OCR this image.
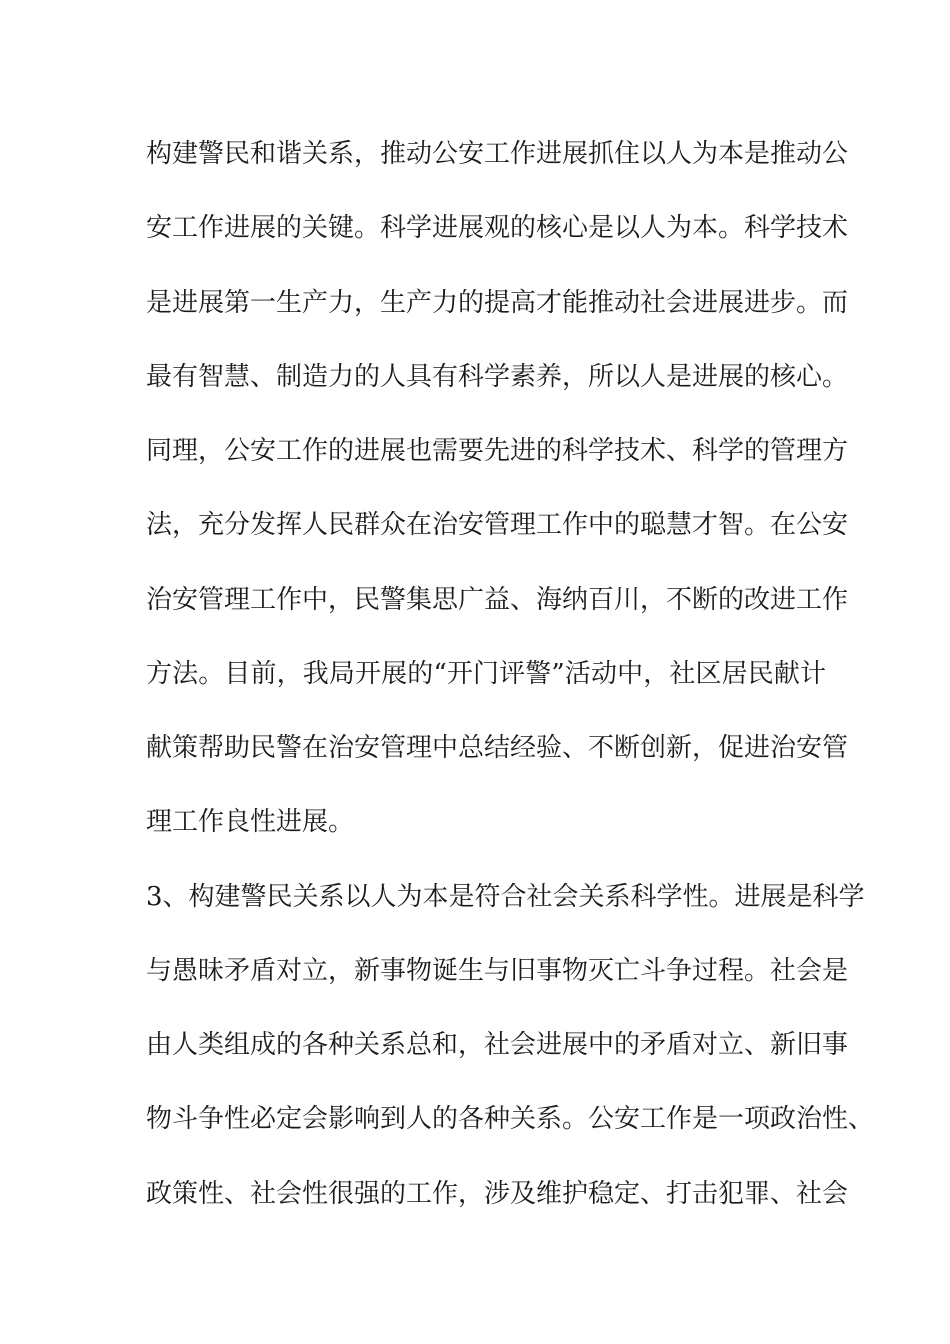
构建警民和谐关系，推动公安工作进展抓住以人为本是推动公
安工作进展的关键。科学进展观的核心是以人为本。科学技术
是进展第一生产力，生产力的提高才能推动社会进展进步。而
最有智慧、制造力的人具有科学素养，所以人是进展的核心。
同理，公安工作的进展也需要先进的科学技术、科学的管理方
法，充分发挥人民群众在治安管理工作中的聪慧才智。在公安
治安管理工作中，民警集思广益、海纳百川，不断的改进工作
方法。目前，我局开展的“开门评警”活动中，社区居民献计
献策帮助民警在治安管理中总结经验、不断创新，促进治安管
理工作良性进展。
3、构建警民关系以人为本是符合社会关系科学性。进展是科学
与愚昧矛盾对立，新事物诞生与旧事物灭亡斗争过程。社会是
由人类组成的各种关系总和，社会进展中的矛盾对立、新旧事
物斗争性必定会影响到人的各种关系。公安工作是一项政治性、
政策性、社会性很强的工作，涉及维护稳定、打击犯罪、社会
